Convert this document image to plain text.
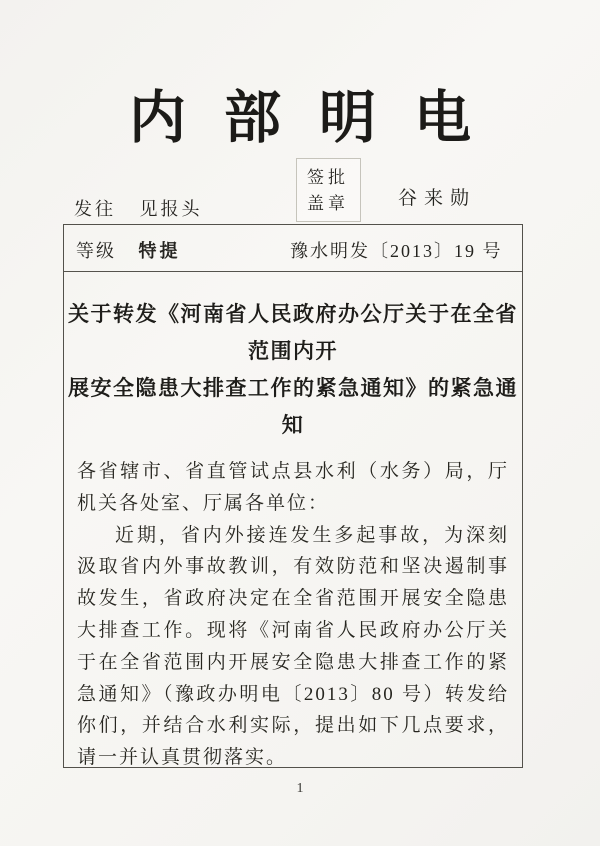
内部明电
签批
盖章	谷来勋
发往 见报头
等级 特提	豫水明发〔2013〕19 号
关于转发《河南省人民政府办公厅关于在全省范围内开
展安全隐患大排查工作的紧急通知》的紧急通知

各省辖市、省直管试点县水利（水务）局，厅机关各处室、厅属各单位：

近期，省内外接连发生多起事故，为深刻汲取省内外事故教训，有效防范和坚决遏制事故发生，省政府决定在全省范围开展安全隐患大排查工作。现将《河南省人民政府办公厅关于在全省范围内开展安全隐患大排查工作的紧急通知》（豫政办明电〔2013〕80 号）转发给你们，并结合水利实际，提出如下几点要求，请一并认真贯彻落实。

1
